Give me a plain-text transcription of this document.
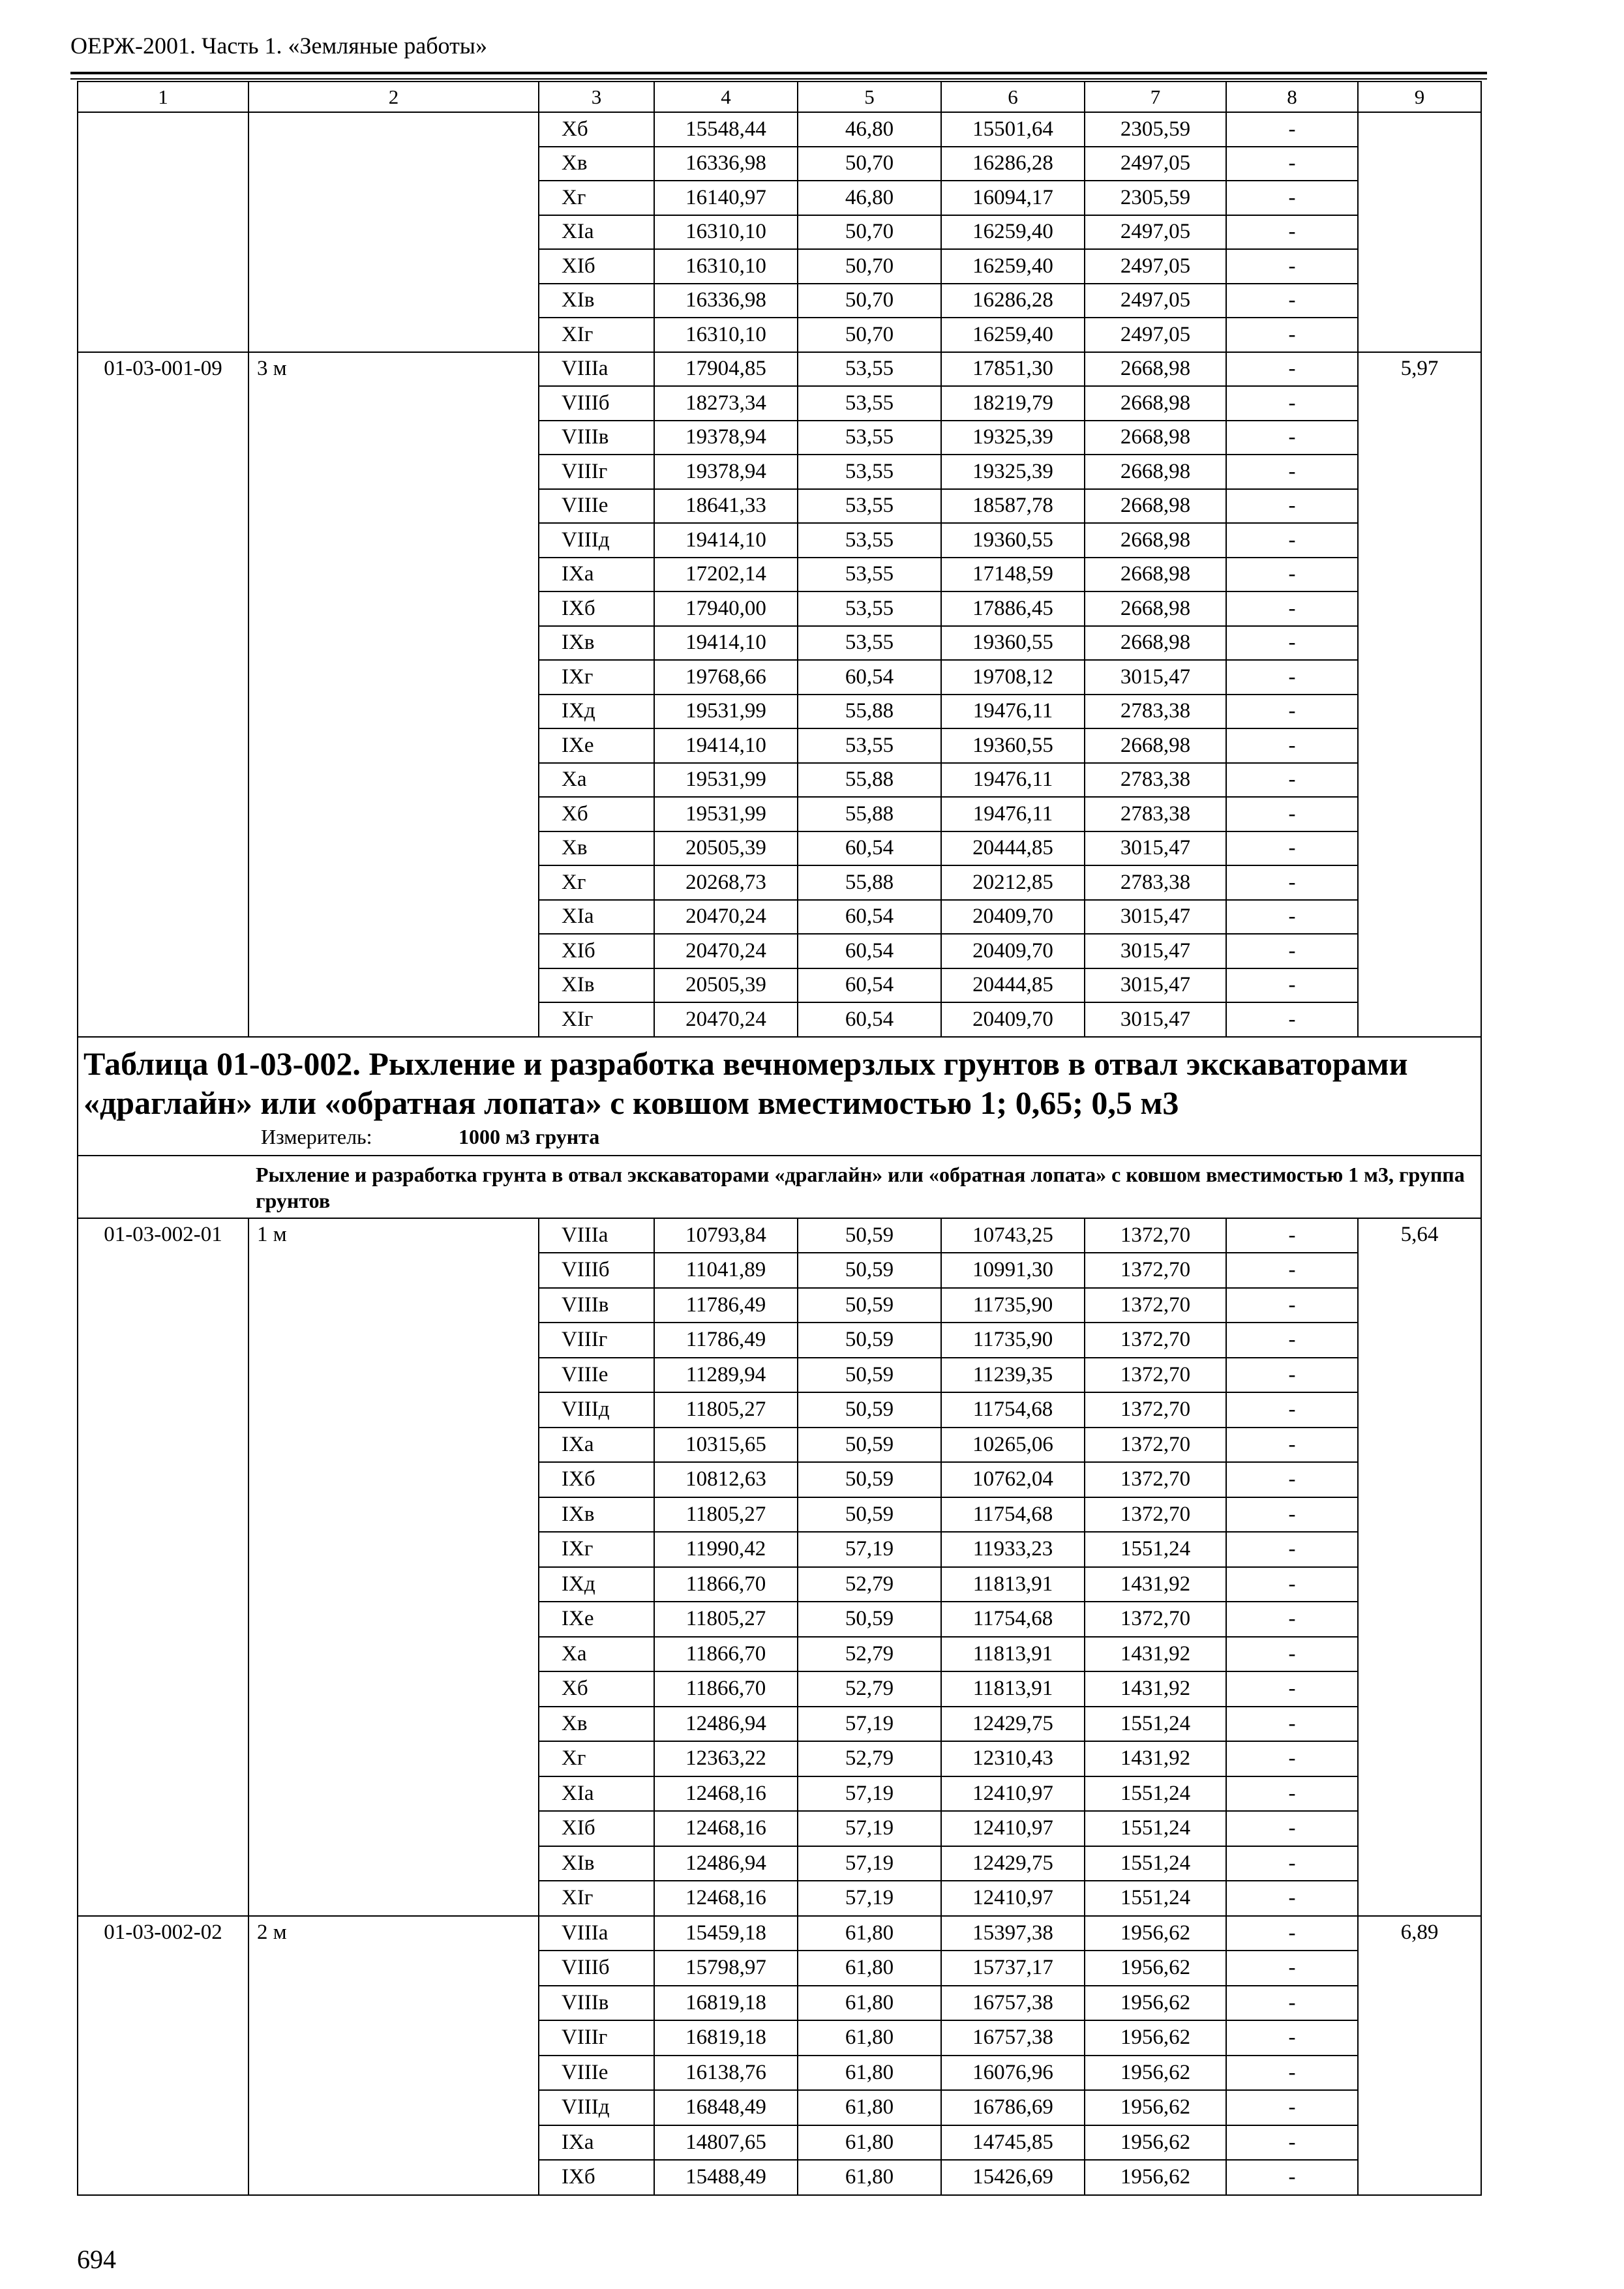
ОЕРЖ-2001. Часть 1. «Земляные работы»
1	2	3	4	5	6	7	8	9
		Xб	15548,44	46,80	15501,64	2305,59	-	
		Xв	16336,98	50,70	16286,28	2497,05	-	
		Xг	16140,97	46,80	16094,17	2305,59	-	
		XIа	16310,10	50,70	16259,40	2497,05	-	
		XIб	16310,10	50,70	16259,40	2497,05	-	
		XIв	16336,98	50,70	16286,28	2497,05	-	
		XIг	16310,10	50,70	16259,40	2497,05	-	
01-03-001-09	3 м	VIIIа	17904,85	53,55	17851,30	2668,98	-	5,97
		VIIIб	18273,34	53,55	18219,79	2668,98	-	
		VIIIв	19378,94	53,55	19325,39	2668,98	-	
		VIIIг	19378,94	53,55	19325,39	2668,98	-	
		VIIIе	18641,33	53,55	18587,78	2668,98	-	
		VIIIд	19414,10	53,55	19360,55	2668,98	-	
		IXа	17202,14	53,55	17148,59	2668,98	-	
		IXб	17940,00	53,55	17886,45	2668,98	-	
		IXв	19414,10	53,55	19360,55	2668,98	-	
		IXг	19768,66	60,54	19708,12	3015,47	-	
		IXд	19531,99	55,88	19476,11	2783,38	-	
		IXе	19414,10	53,55	19360,55	2668,98	-	
		Xа	19531,99	55,88	19476,11	2783,38	-	
		Xб	19531,99	55,88	19476,11	2783,38	-	
		Xв	20505,39	60,54	20444,85	3015,47	-	
		Xг	20268,73	55,88	20212,85	2783,38	-	
		XIа	20470,24	60,54	20409,70	3015,47	-	
		XIб	20470,24	60,54	20409,70	3015,47	-	
		XIв	20505,39	60,54	20444,85	3015,47	-	
		XIг	20470,24	60,54	20409,70	3015,47	-	

Таблица 01-03-002. Рыхление и разработка вечномерзлых грунтов в отвал экскаваторами «драглайн» или «обратная лопата» с ковшом вместимостью 1; 0,65; 0,5 м3
Измеритель: 1000 м3 грунта								

Рыхление и разработка грунта в отвал экскаваторами «драглайн» или «обратная лопата» с ковшом вместимостью 1 м3, группа грунтов								
01-03-002-01	1 м	VIIIа	10793,84	50,59	10743,25	1372,70	-	5,64
		VIIIб	11041,89	50,59	10991,30	1372,70	-	
		VIIIв	11786,49	50,59	11735,90	1372,70	-	
		VIIIг	11786,49	50,59	11735,90	1372,70	-	
		VIIIе	11289,94	50,59	11239,35	1372,70	-	
		VIIIд	11805,27	50,59	11754,68	1372,70	-	
		IXа	10315,65	50,59	10265,06	1372,70	-	
		IXб	10812,63	50,59	10762,04	1372,70	-	
		IXв	11805,27	50,59	11754,68	1372,70	-	
		IXг	11990,42	57,19	11933,23	1551,24	-	
		IXд	11866,70	52,79	11813,91	1431,92	-	
		IXе	11805,27	50,59	11754,68	1372,70	-	
		Xа	11866,70	52,79	11813,91	1431,92	-	
		Xб	11866,70	52,79	11813,91	1431,92	-	
		Xв	12486,94	57,19	12429,75	1551,24	-	
		Xг	12363,22	52,79	12310,43	1431,92	-	
		XIа	12468,16	57,19	12410,97	1551,24	-	
		XIб	12468,16	57,19	12410,97	1551,24	-	
		XIв	12486,94	57,19	12429,75	1551,24	-	
		XIг	12468,16	57,19	12410,97	1551,24	-	
01-03-002-02	2 м	VIIIа	15459,18	61,80	15397,38	1956,62	-	6,89
		VIIIб	15798,97	61,80	15737,17	1956,62	-	
		VIIIв	16819,18	61,80	16757,38	1956,62	-	
		VIIIг	16819,18	61,80	16757,38	1956,62	-	
		VIIIе	16138,76	61,80	16076,96	1956,62	-	
		VIIIд	16848,49	61,80	16786,69	1956,62	-	
		IXа	14807,65	61,80	14745,85	1956,62	-	
		IXб	15488,49	61,80	15426,69	1956,62	-	
694
